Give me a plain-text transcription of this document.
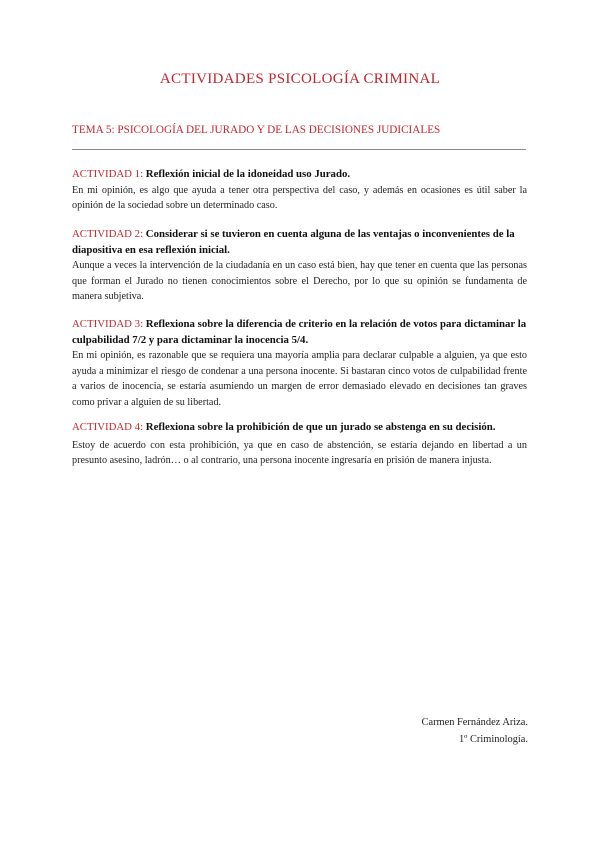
ACTIVIDADES PSICOLOGÍA CRIMINAL
TEMA 5: PSICOLOGÍA DEL JURADO Y DE LAS DECISIONES JUDICIALES

ACTIVIDAD 1: Reflexión inicial de la idoneidad uso Jurado.

En mi opinión, es algo que ayuda a tener otra perspectiva del caso, y además en ocasiones es útil saber la opinión de la sociedad sobre un determinado caso.

ACTIVIDAD 2: Considerar si se tuvieron en cuenta alguna de las ventajas o inconvenientes de la diapositiva en esa reflexión inicial.

Aunque a veces la intervención de la ciudadanía en un caso está bien, hay que tener en cuenta que las personas que forman el Jurado no tienen conocimientos sobre el Derecho, por lo que su opinión se fundamenta de manera subjetiva.

ACTIVIDAD 3: Reflexiona sobre la diferencia de criterio en la relación de votos para dictaminar la culpabilidad 7/2 y para dictaminar la inocencia 5/4.

En mi opinión, es razonable que se requiera una mayoría amplia para declarar culpable a alguien, ya que esto ayuda a minimizar el riesgo de condenar a una persona inocente. Si bastaran cinco votos de culpabilidad frente a varios de inocencia, se estaría asumiendo un margen de error demasiado elevado en decisiones tan graves como privar a alguien de su libertad.

ACTIVIDAD 4: Reflexiona sobre la prohibición de que un jurado se abstenga en su decisión.

Estoy de acuerdo con esta prohibición, ya que en caso de abstención, se estaría dejando en libertad a un presunto asesino, ladrón… o al contrario, una persona inocente ingresaría en prisión de manera injusta.

Carmen Fernández Ariza.
1º Criminología.
